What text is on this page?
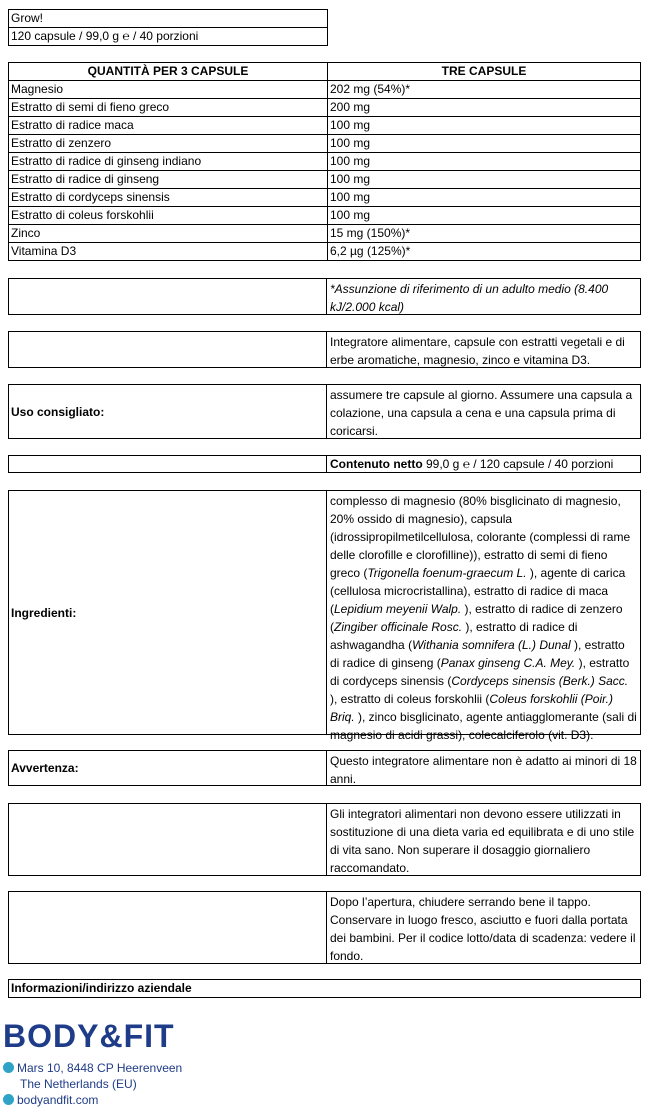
Grow!
120 capsule / 99,0 g ℮ / 40 porzioni
QUANTITÀ PER 3 CAPSULE	TRE CAPSULE
Magnesio	202 mg (54%)*
Estratto di semi di fieno greco	200 mg
Estratto di radice maca	100 mg
Estratto di zenzero	100 mg
Estratto di radice di ginseng indiano	100 mg
Estratto di radice di ginseng	100 mg
Estratto di cordyceps sinensis	100 mg
Estratto di coleus forskohlii	100 mg
Zinco	15 mg (150%)*
Vitamina D3	6,2 µg (125%)*
*Assunzione di riferimento di un adulto medio (8.400 kJ/2.000 kcal)
Integratore alimentare, capsule con estratti vegetali e di erbe aromatiche, magnesio, zinco e vitamina D3.
Uso consigliato:
assumere tre capsule al giorno. Assumere una capsula a colazione, una capsula a cena e una capsula prima di coricarsi.
Contenuto netto 99,0 g ℮ / 120 capsule / 40 porzioni
Ingredienti:
complesso di magnesio (80% bisglicinato di magnesio, 20% ossido di magnesio), capsula (idrossipropilmetilcellulosa, colorante (complessi di rame delle clorofille e clorofilline)), estratto di semi di fieno greco (Trigonella foenum-graecum L. ), agente di carica (cellulosa microcristallina), estratto di radice di maca (Lepidium meyenii Walp. ), estratto di radice di zenzero (Zingiber officinale Rosc. ), estratto di radice di ashwagandha (Withania somnifera (L.) Dunal ), estratto di radice di ginseng (Panax ginseng C.A. Mey. ), estratto di cordyceps sinensis (Cordyceps sinensis (Berk.) Sacc. ), estratto di coleus forskohlii (Coleus forskohlii (Poir.) Briq. ), zinco bisglicinato, agente antiagglomerante (sali di magnesio di acidi grassi), colecalciferolo (vit. D3).
Avvertenza:	Questo integratore alimentare non è adatto ai minori di 18 anni.
Gli integratori alimentari non devono essere utilizzati in sostituzione di una dieta varia ed equilibrata e di uno stile di vita sano. Non superare il dosaggio giornaliero raccomandato.
Dopo l’apertura, chiudere serrando bene il tappo. Conservare in luogo fresco, asciutto e fuori dalla portata dei bambini. Per il codice lotto/data di scadenza: vedere il fondo.
Informazioni/indirizzo aziendale
BODY&FIT
Mars 10, 8448 CP Heerenveen
The Netherlands (EU)
bodyandfit.com
